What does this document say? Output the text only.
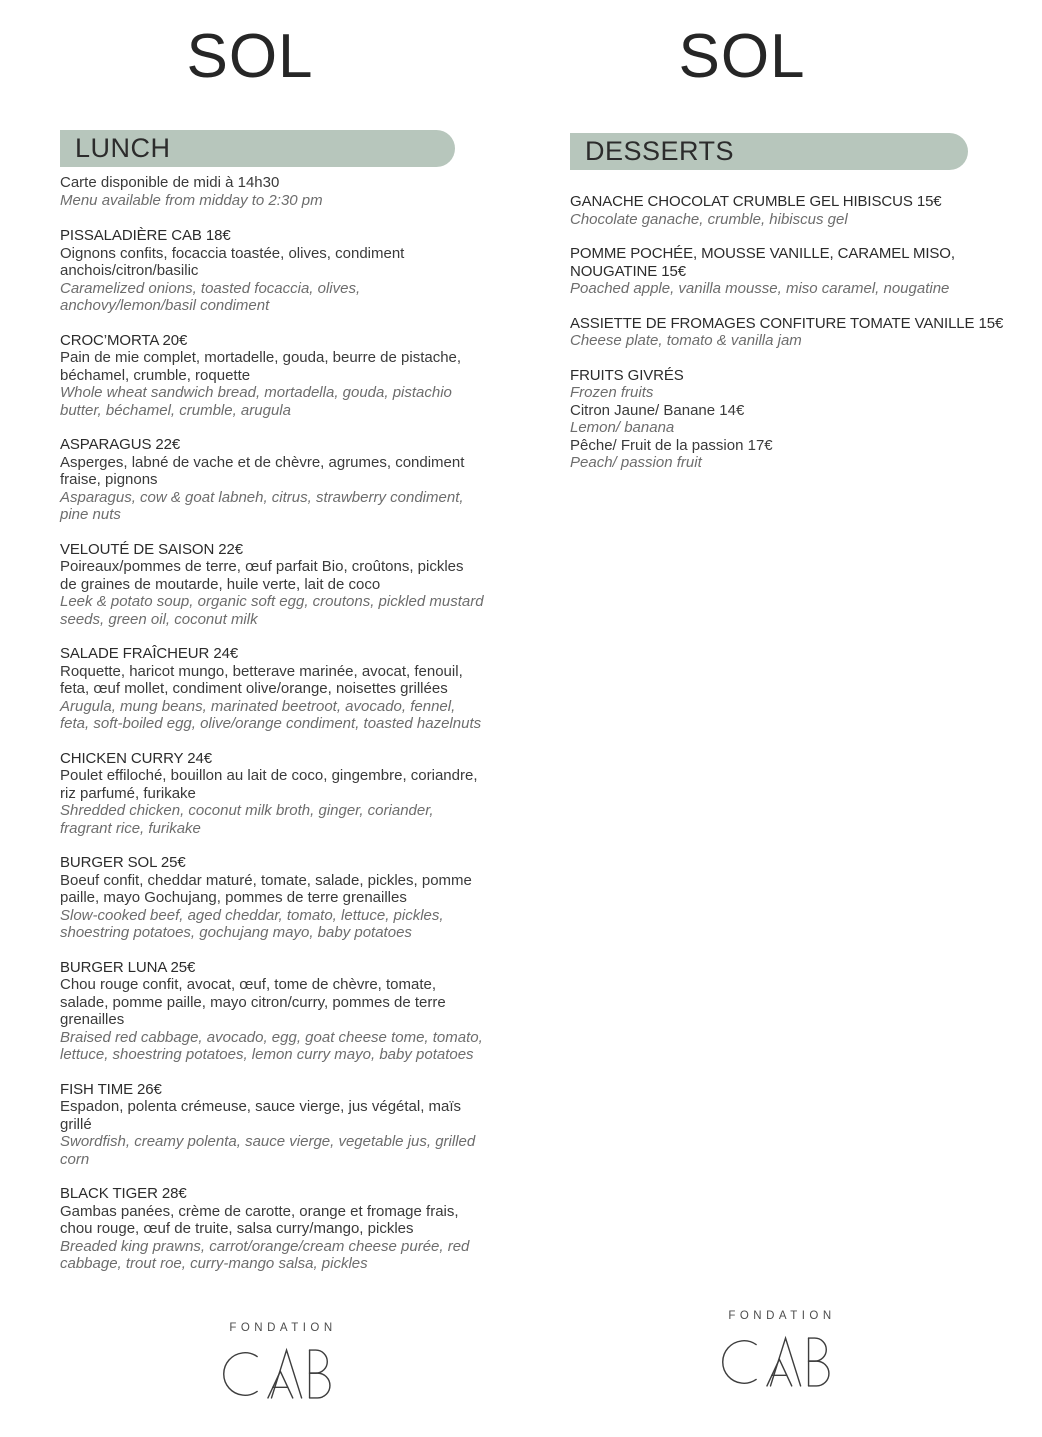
SOL
LUNCH
Carte disponible de midi à 14h30
Menu available from midday to 2:30 pm
PISSALADIÈRE CAB 18€
Oignons confits, focaccia toastée, olives, condiment anchois/citron/basilic
Caramelized onions, toasted focaccia, olives, anchovy/lemon/basil condiment
CROC’MORTA 20€
Pain de mie complet, mortadelle, gouda, beurre de pistache, béchamel, crumble, roquette
Whole wheat sandwich bread, mortadella, gouda, pistachio butter, béchamel, crumble, arugula
ASPARAGUS 22€
Asperges, labné de vache et de chèvre, agrumes, condiment fraise, pignons
Asparagus, cow & goat labneh, citrus, strawberry condiment, pine nuts
VELOUTÉ DE SAISON 22€
Poireaux/pommes de terre, œuf parfait Bio, croûtons, pickles de graines de moutarde, huile verte, lait de coco
Leek & potato soup, organic soft egg, croutons, pickled mustard seeds, green oil, coconut milk
SALADE FRAÎCHEUR 24€
Roquette, haricot mungo, betterave marinée, avocat, fenouil, feta, œuf mollet, condiment olive/orange, noisettes grillées
Arugula, mung beans, marinated beetroot, avocado, fennel, feta, soft-boiled egg, olive/orange condiment, toasted hazelnuts
CHICKEN CURRY 24€
Poulet effiloché, bouillon au lait de coco, gingembre, coriandre, riz parfumé, furikake
Shredded chicken, coconut milk broth, ginger, coriander, fragrant rice, furikake
BURGER SOL 25€
Boeuf confit, cheddar maturé, tomate, salade, pickles, pomme paille, mayo Gochujang, pommes de terre grenailles
Slow-cooked beef, aged cheddar, tomato, lettuce, pickles, shoestring potatoes, gochujang mayo, baby potatoes
BURGER LUNA 25€
Chou rouge confit, avocat, œuf, tome de chèvre, tomate, salade, pomme paille, mayo citron/curry, pommes de terre grenailles
Braised red cabbage, avocado, egg, goat cheese tome, tomato, lettuce, shoestring potatoes, lemon curry mayo, baby potatoes
FISH TIME 26€
Espadon, polenta crémeuse, sauce vierge, jus végétal, maïs grillé
Swordfish, creamy polenta, sauce vierge, vegetable jus, grilled corn
BLACK TIGER 28€
Gambas panées, crème de carotte, orange et fromage frais, chou rouge, œuf de truite, salsa curry/mango, pickles
Breaded king prawns, carrot/orange/cream cheese purée, red cabbage, trout roe, curry-mango salsa, pickles
SOL
DESSERTS
GANACHE CHOCOLAT CRUMBLE GEL HIBISCUS 15€
Chocolate ganache, crumble, hibiscus gel
POMME POCHÉE, MOUSSE VANILLE, CARAMEL MISO, NOUGATINE 15€
Poached apple, vanilla mousse, miso caramel, nougatine
ASSIETTE DE FROMAGES CONFITURE TOMATE VANILLE 15€
Cheese plate, tomato & vanilla jam
FRUITS GIVRÉS
Frozen fruits
Citron Jaune/ Banane 14€
Lemon/ banana
Pêche/ Fruit de la passion 17€
Peach/ passion fruit
FONDATION
FONDATION
